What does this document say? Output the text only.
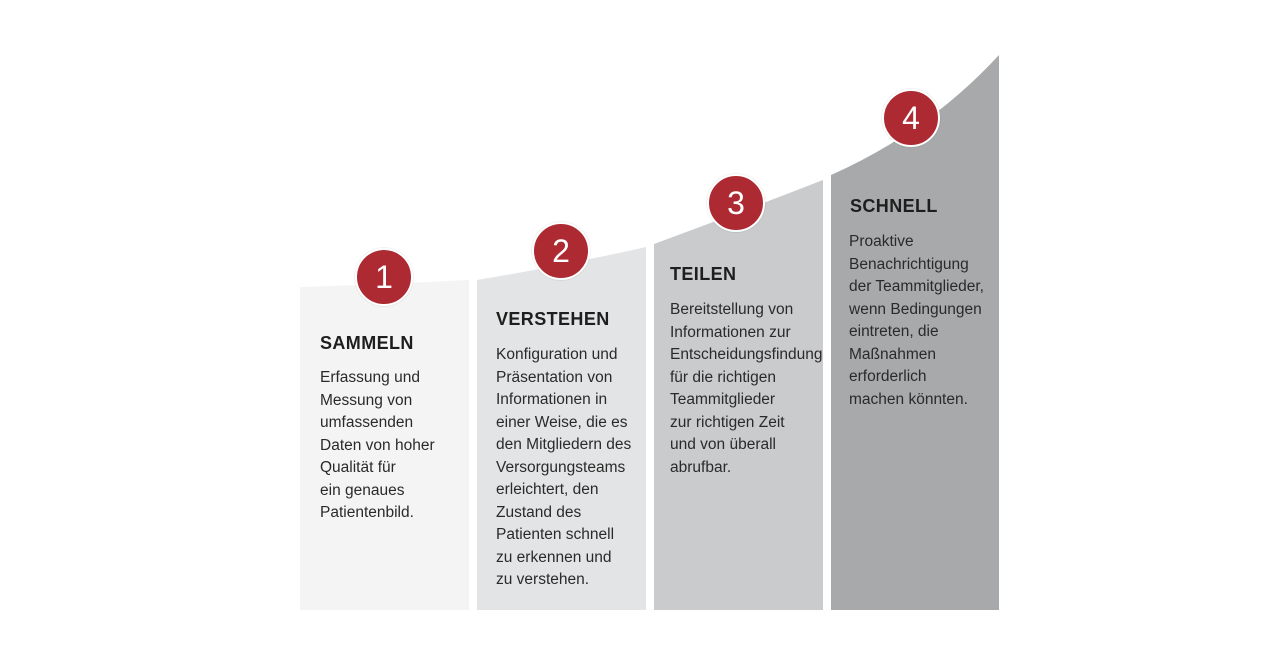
1
SAMMELN
Erfassung und
Messung von
umfassenden
Daten von hoher
Qualität für
ein genaues
Patientenbild.
2
VERSTEHEN
Konfiguration und
Präsentation von
Informationen in
einer Weise, die es
den Mitgliedern des
Versorgungsteams
erleichtert, den
Zustand des
Patienten schnell
zu erkennen und
zu verstehen.
3
TEILEN
Bereitstellung von
Informationen zur
Entscheidungsfindung
für die richtigen
Teammitglieder
zur richtigen Zeit
und von überall
abrufbar.
4
SCHNELL
Proaktive
Benachrichtigung
der Teammitglieder,
wenn Bedingungen
eintreten, die
Maßnahmen
erforderlich
machen könnten.
